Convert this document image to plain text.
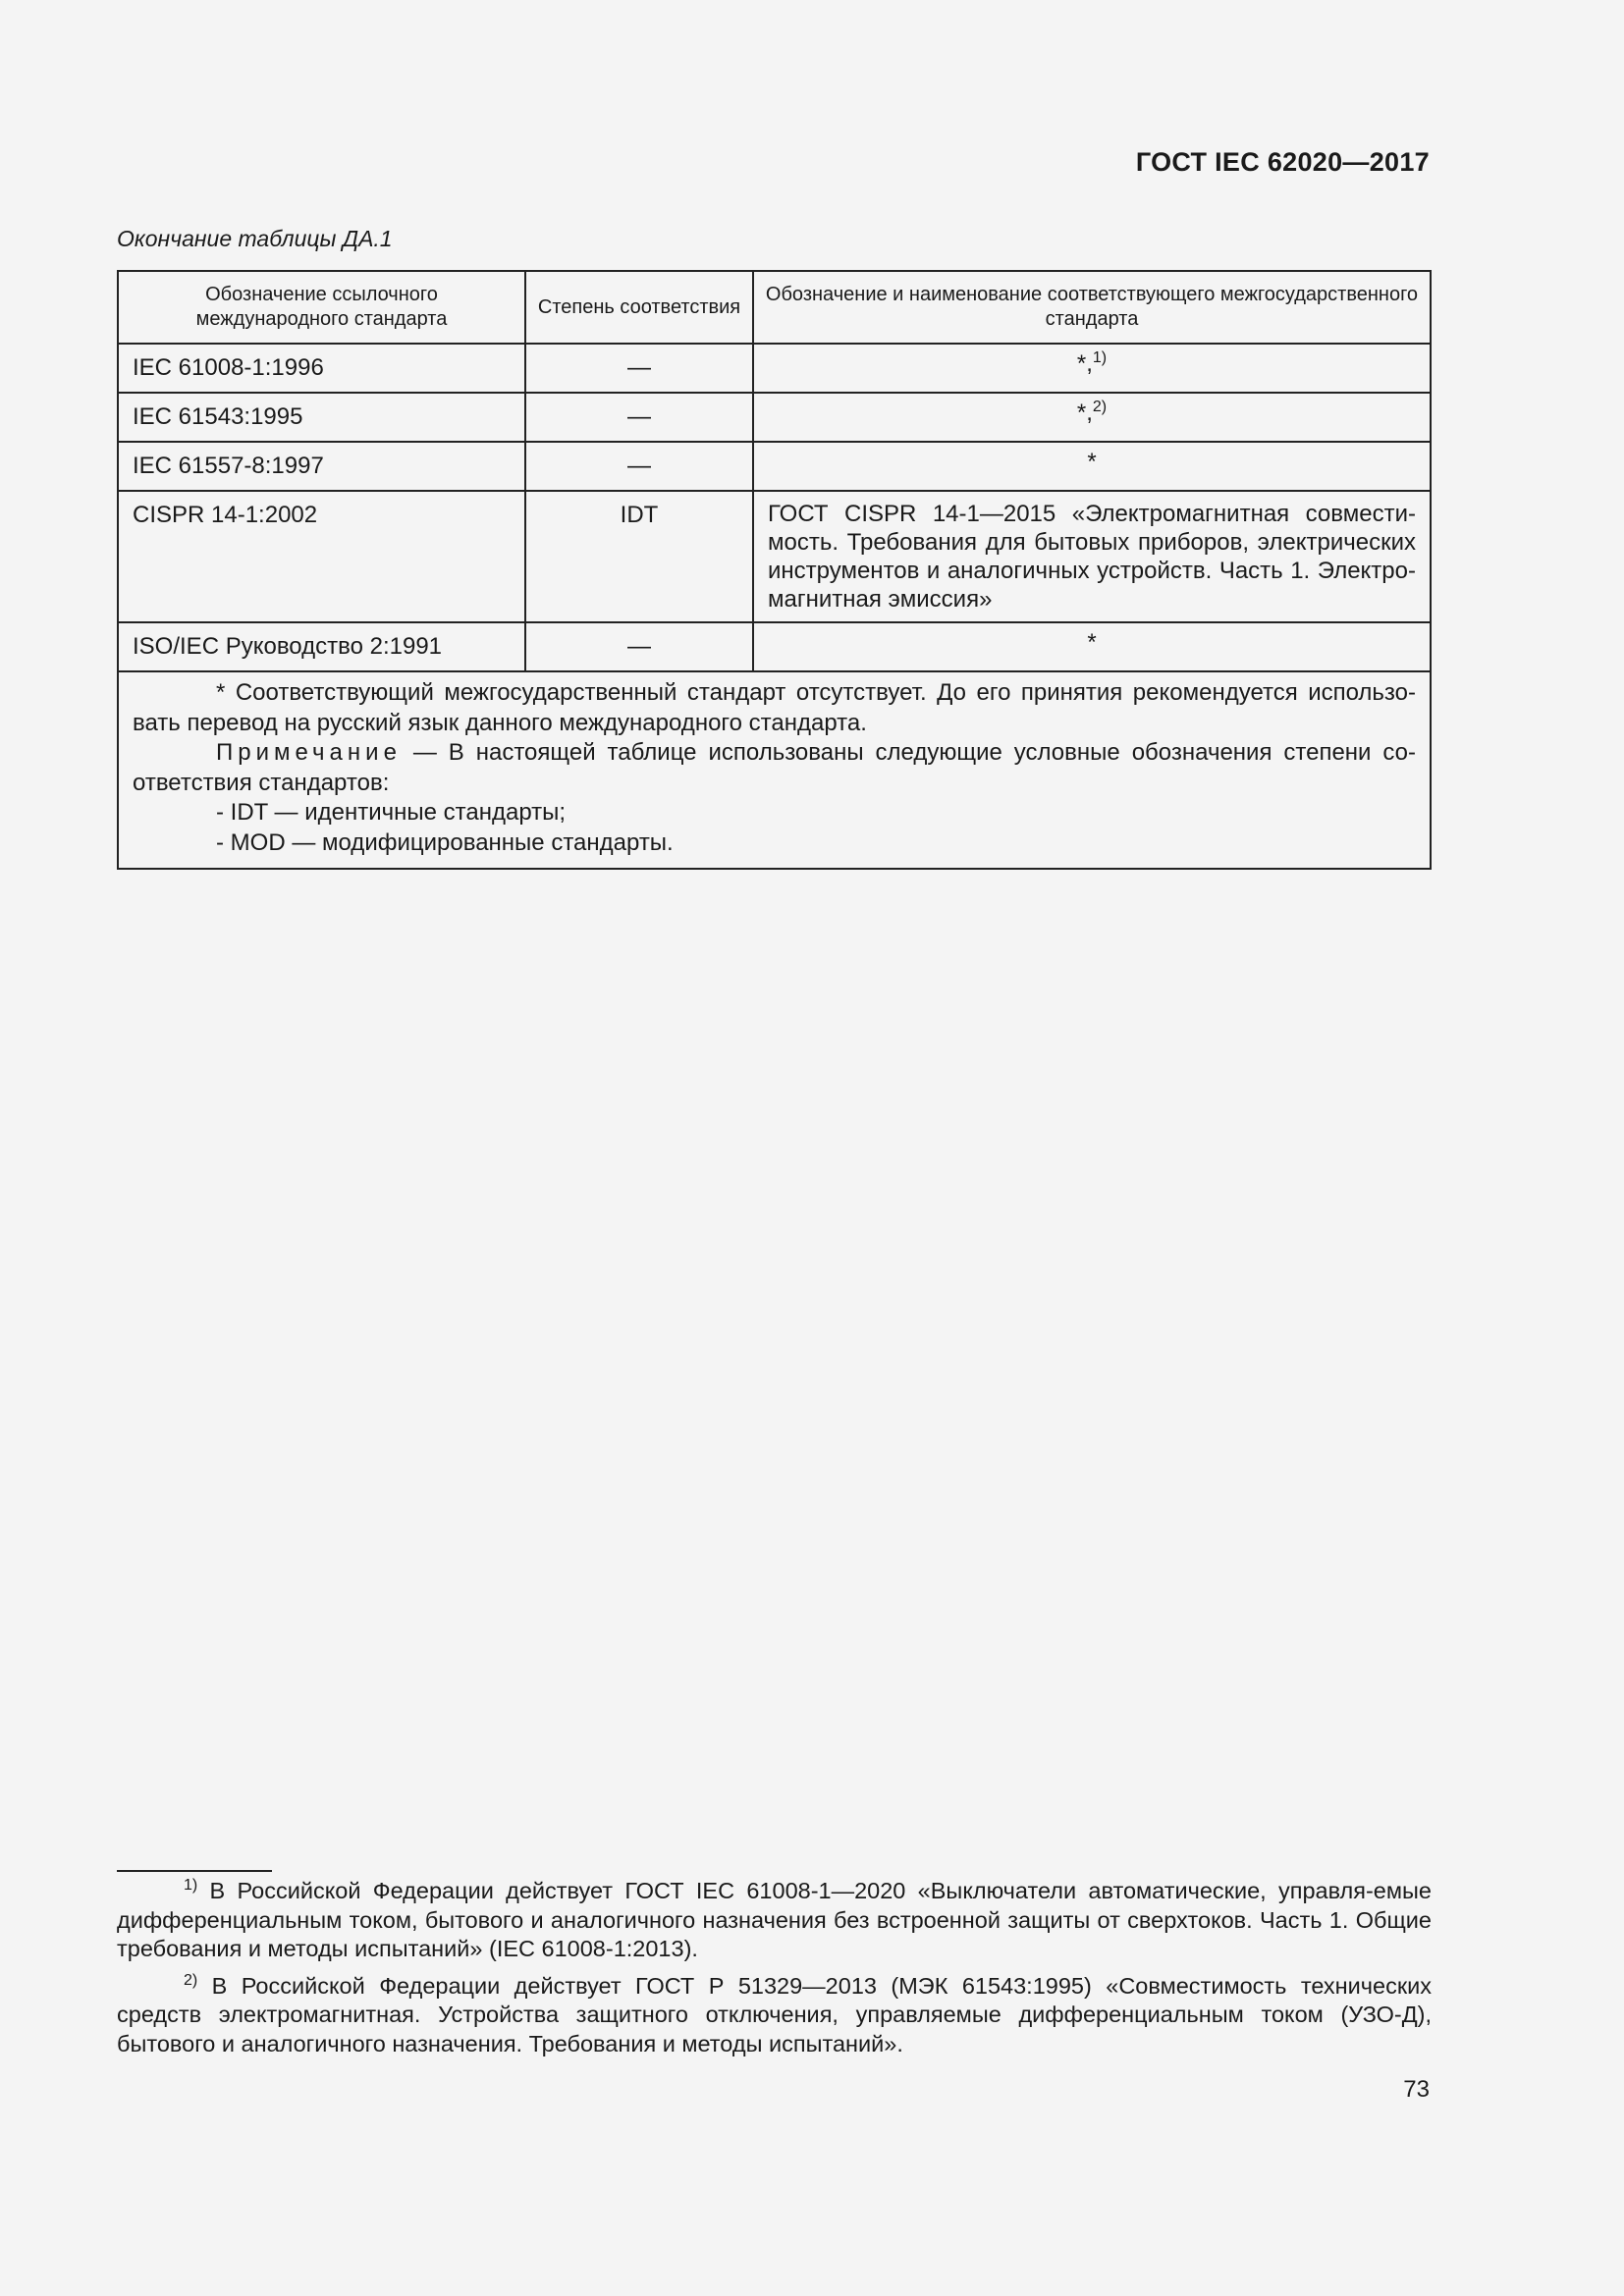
ГОСТ IEC 62020—2017
Окончание таблицы ДА.1
Обозначение ссылочного международного стандарта	Степень соответствия	Обозначение и наименование соответствующего межгосударственного стандарта
IEC 61008-1:1996	—	*,$^{1)}$
IEC 61543:1995	—	*,$^{2)}$
IEC 61557-8:1997	—	*
CISPR 14-1:2002	IDT	ГОСТ CISPR 14-1—2015 «Электромагнитная совмести-мость. Требования для бытовых приборов, электрических инструментов и аналогичных устройств. Часть 1. Электро-магнитная эмиссия»
ISO/IEC Руководство 2:1991	—	*

* Соответствующий межгосударственный стандарт отсутствует. До его принятия рекомендуется использо-вать перевод на русский язык данного международного стандарта.

Примечание — В настоящей таблице использованы следующие условные обозначения степени со-ответствия стандартов:

- IDT — идентичные стандарты;

- MOD — модифицированные стандарты.		

$^{1)}$ В Российской Федерации действует ГОСТ IEC 61008-1—2020 «Выключатели автоматические, управля-емые дифференциальным током, бытового и аналогичного назначения без встроенной защиты от сверхтоков. Часть 1. Общие требования и методы испытаний» (IEC 61008-1:2013).

$^{2)}$ В Российской Федерации действует ГОСТ Р 51329—2013 (МЭК 61543:1995) «Совместимость технических средств электромагнитная. Устройства защитного отключения, управляемые дифференциальным током (УЗО-Д), бытового и аналогичного назначения. Требования и методы испытаний».

73
